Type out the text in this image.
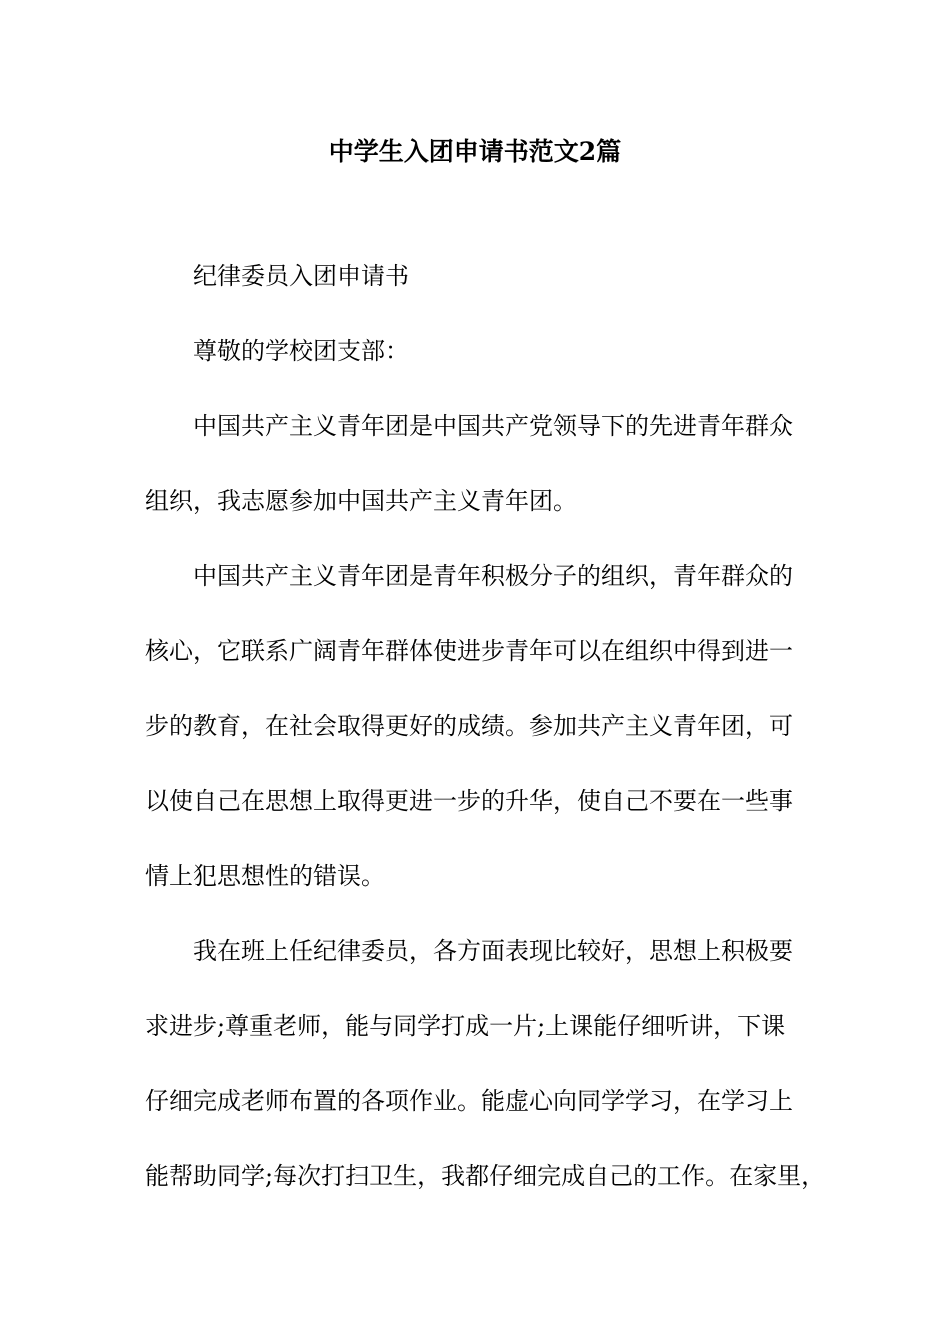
中学生入团申请书范文2篇

纪律委员入团申请书

尊敬的学校团支部：

中国共产主义青年团是中国共产党领导下的先进青年群众

组织，我志愿参加中国共产主义青年团。

中国共产主义青年团是青年积极分子的组织，青年群众的

核心，它联系广阔青年群体使进步青年可以在组织中得到进一

步的教育，在社会取得更好的成绩。参加共产主义青年团，可

以使自己在思想上取得更进一步的升华，使自己不要在一些事

情上犯思想性的错误。

我在班上任纪律委员，各方面表现比较好，思想上积极要

求进步;尊重老师，能与同学打成一片;上课能仔细听讲，下课

仔细完成老师布置的各项作业。能虚心向同学学习，在学习上

能帮助同学;每次打扫卫生，我都仔细完成自己的工作。在家里，
